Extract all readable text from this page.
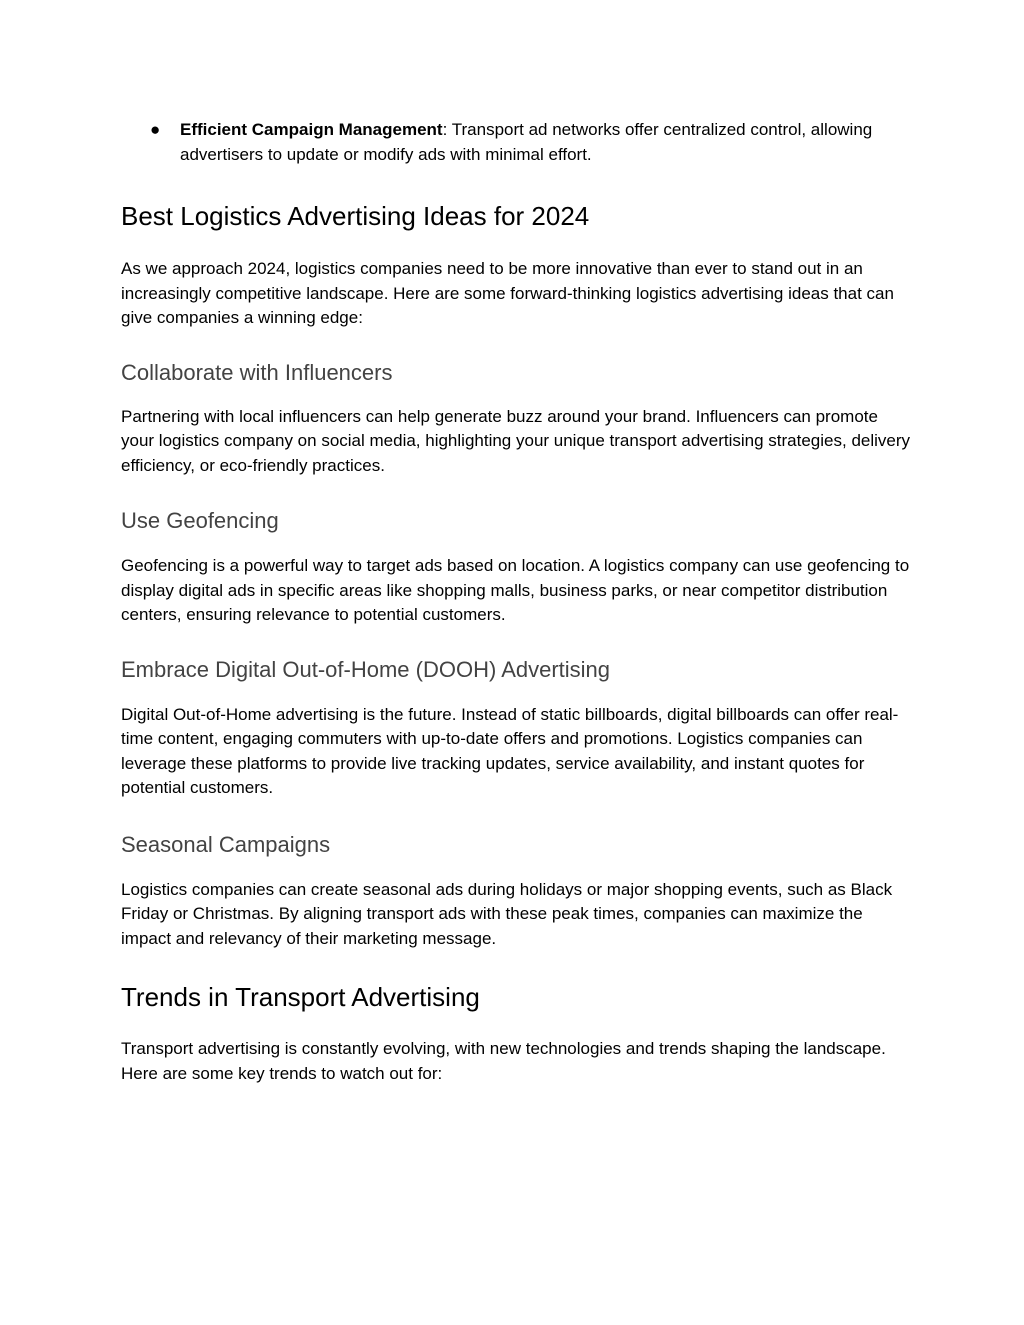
● Efficient Campaign Management: Transport ad networks offer centralized control, allowing advertisers to update or modify ads with minimal effort.
Best Logistics Advertising Ideas for 2024

As we approach 2024, logistics companies need to be more innovative than ever to stand out in an increasingly competitive landscape. Here are some forward-thinking logistics advertising ideas that can give companies a winning edge:

Collaborate with Influencers

Partnering with local influencers can help generate buzz around your brand. Influencers can promote your logistics company on social media, highlighting your unique transport advertising strategies, delivery efficiency, or eco-friendly practices.

Use Geofencing

Geofencing is a powerful way to target ads based on location. A logistics company can use geofencing to display digital ads in specific areas like shopping malls, business parks, or near competitor distribution centers, ensuring relevance to potential customers.

Embrace Digital Out-of-Home (DOOH) Advertising

Digital Out-of-Home advertising is the future. Instead of static billboards, digital billboards can offer real-time content, engaging commuters with up-to-date offers and promotions. Logistics companies can leverage these platforms to provide live tracking updates, service availability, and instant quotes for potential customers.

Seasonal Campaigns

Logistics companies can create seasonal ads during holidays or major shopping events, such as Black Friday or Christmas. By aligning transport ads with these peak times, companies can maximize the impact and relevancy of their marketing message.

Trends in Transport Advertising

Transport advertising is constantly evolving, with new technologies and trends shaping the landscape. Here are some key trends to watch out for:
